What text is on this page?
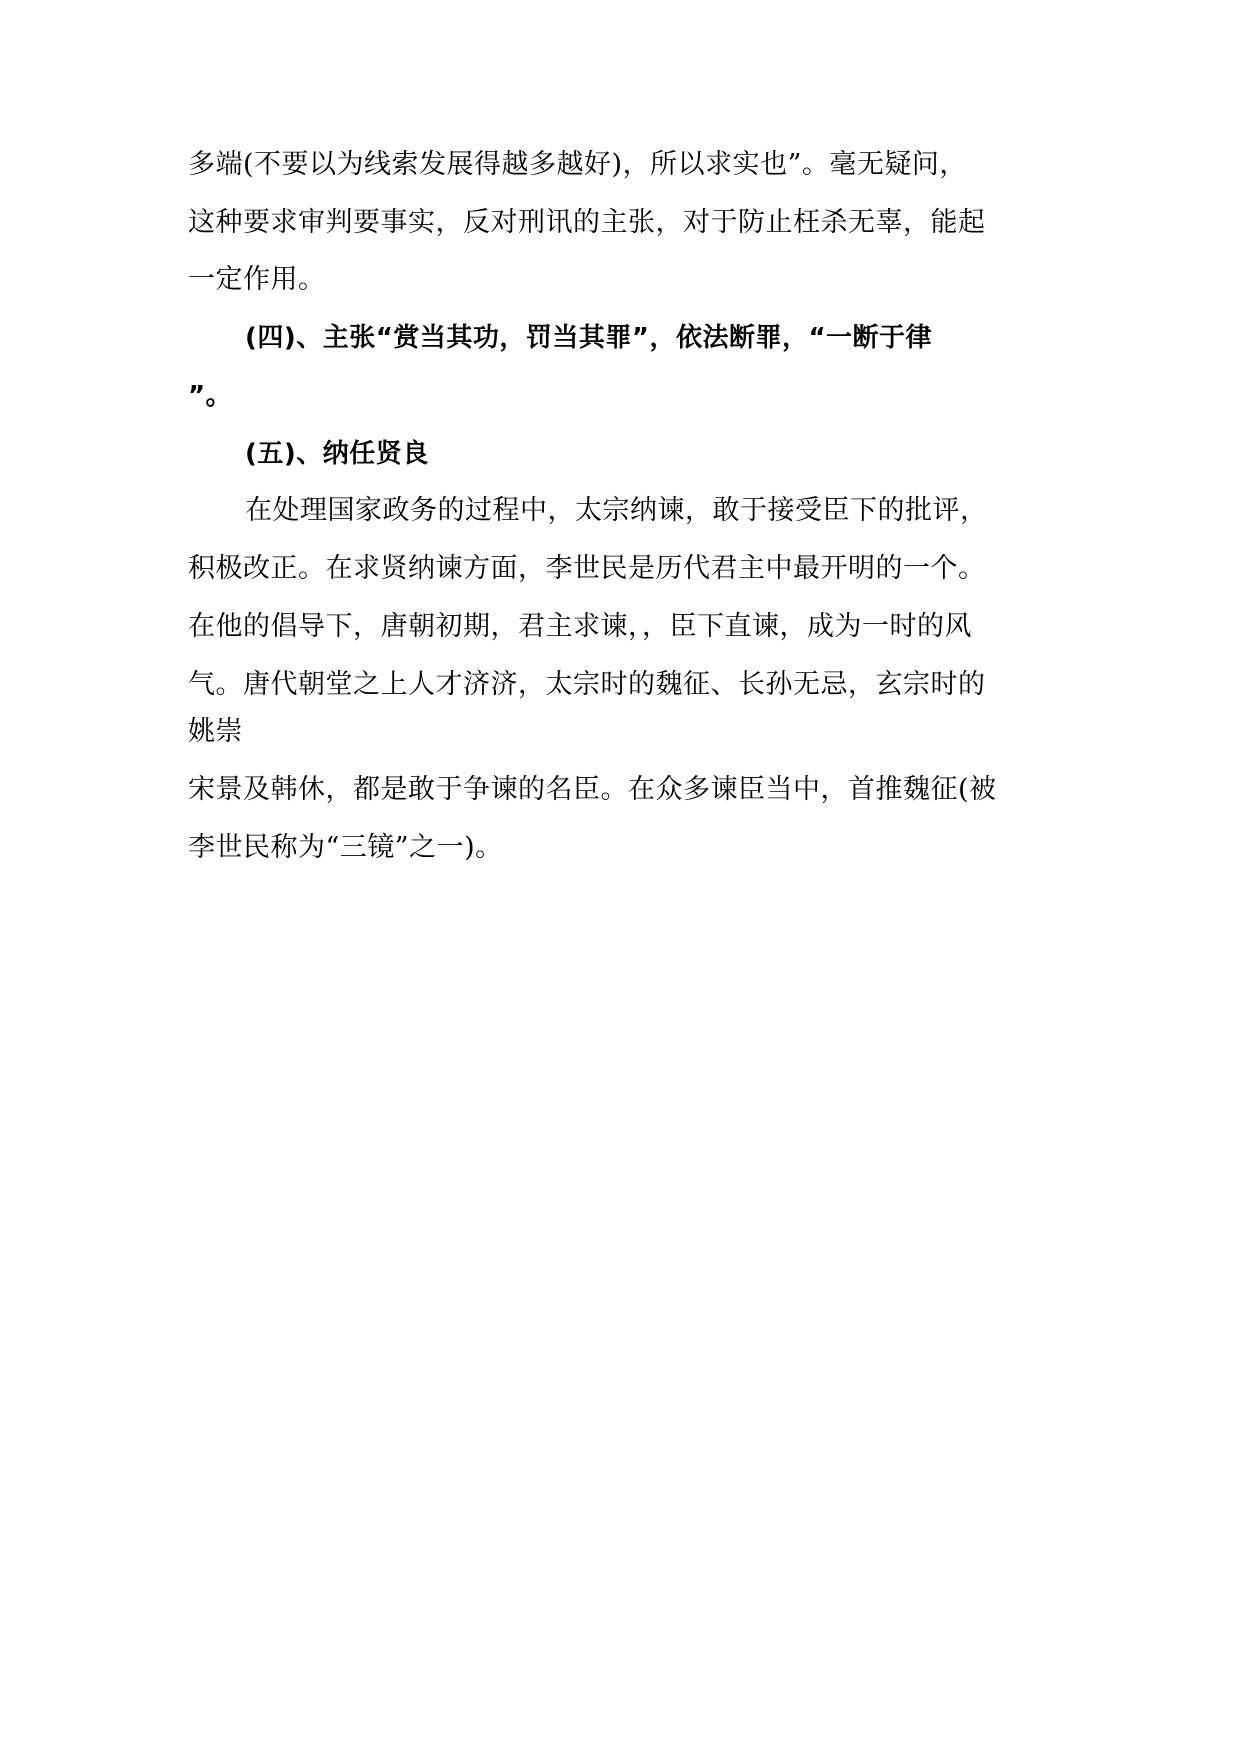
多端(不要以为线索发展得越多越好)，所以求实也”。毫无疑问，
这种要求审判要事实，反对刑讯的主张，对于防止枉杀无辜，能起
一定作用。
(四)、主张“赏当其功，罚当其罪”，依法断罪，“一断于律
”。
(五)、纳任贤良
在处理国家政务的过程中，太宗纳谏，敢于接受臣下的批评，
积极改正。在求贤纳谏方面，李世民是历代君主中最开明的一个。
在他的倡导下，唐朝初期，君主求谏，，臣下直谏，成为一时的风
气。唐代朝堂之上人才济济，太宗时的魏征、长孙无忌，玄宗时的
姚崇
宋景及韩休，都是敢于争谏的名臣。在众多谏臣当中，首推魏征(被
李世民称为“三镜”之一)。
